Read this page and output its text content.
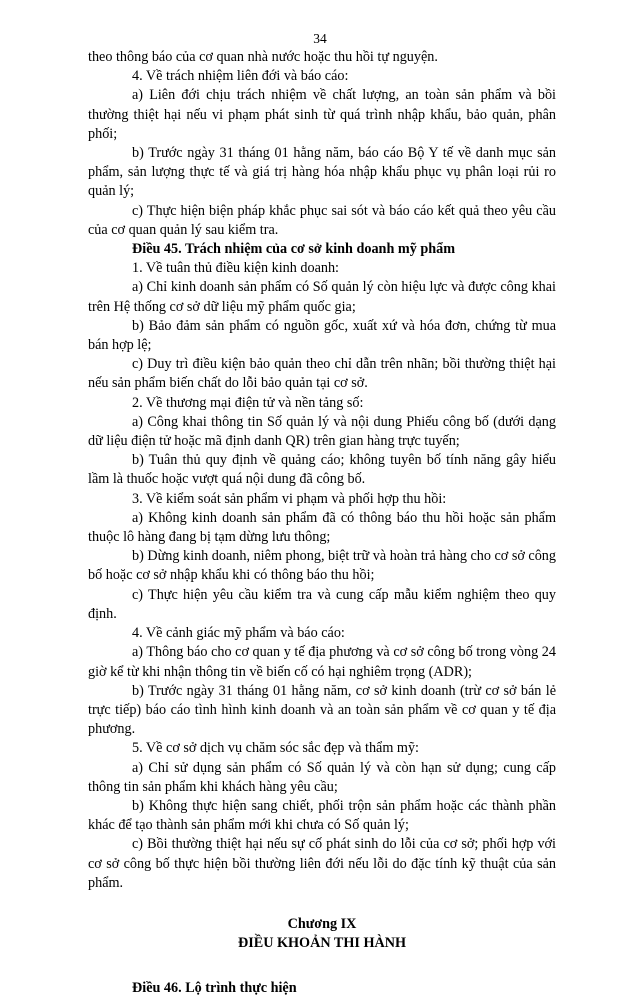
34

theo thông báo của cơ quan nhà nước hoặc thu hồi tự nguyện.

4. Về trách nhiệm liên đới và báo cáo:

a) Liên đới chịu trách nhiệm về chất lượng, an toàn sản phẩm và bồi thường thiệt hại nếu vi phạm phát sinh từ quá trình nhập khẩu, bảo quản, phân phối;

b) Trước ngày 31 tháng 01 hằng năm, báo cáo Bộ Y tế về danh mục sản phẩm, sản lượng thực tế và giá trị hàng hóa nhập khẩu phục vụ phân loại rủi ro quản lý;

c) Thực hiện biện pháp khắc phục sai sót và báo cáo kết quả theo yêu cầu của cơ quan quản lý sau kiểm tra.

Điều 45. Trách nhiệm của cơ sở kinh doanh mỹ phẩm

1. Về tuân thủ điều kiện kinh doanh:

a) Chỉ kinh doanh sản phẩm có Số quản lý còn hiệu lực và được công khai trên Hệ thống cơ sở dữ liệu mỹ phẩm quốc gia;

b) Bảo đảm sản phẩm có nguồn gốc, xuất xứ và hóa đơn, chứng từ mua bán hợp lệ;

c) Duy trì điều kiện bảo quản theo chỉ dẫn trên nhãn; bồi thường thiệt hại nếu sản phẩm biến chất do lỗi bảo quản tại cơ sở.

2. Về thương mại điện tử và nền tảng số:

a) Công khai thông tin Số quản lý và nội dung Phiếu công bố (dưới dạng dữ liệu điện tử hoặc mã định danh QR) trên gian hàng trực tuyến;

b) Tuân thủ quy định về quảng cáo; không tuyên bố tính năng gây hiểu lầm là thuốc hoặc vượt quá nội dung đã công bố.

3. Về kiểm soát sản phẩm vi phạm và phối hợp thu hồi:

a) Không kinh doanh sản phẩm đã có thông báo thu hồi hoặc sản phẩm thuộc lô hàng đang bị tạm dừng lưu thông;

b) Dừng kinh doanh, niêm phong, biệt trữ và hoàn trả hàng cho cơ sở công bố hoặc cơ sở nhập khẩu khi có thông báo thu hồi;

c) Thực hiện yêu cầu kiểm tra và cung cấp mẫu kiểm nghiệm theo quy định.

4. Về cảnh giác mỹ phẩm và báo cáo:

a) Thông báo cho cơ quan y tế địa phương và cơ sở công bố trong vòng 24 giờ kể từ khi nhận thông tin về biến cố có hại nghiêm trọng (ADR);

b) Trước ngày 31 tháng 01 hằng năm, cơ sở kinh doanh (trừ cơ sở bán lẻ trực tiếp) báo cáo tình hình kinh doanh và an toàn sản phẩm về cơ quan y tế địa phương.

5. Về cơ sở dịch vụ chăm sóc sắc đẹp và thẩm mỹ:

a) Chỉ sử dụng sản phẩm có Số quản lý và còn hạn sử dụng; cung cấp thông tin sản phẩm khi khách hàng yêu cầu;

b) Không thực hiện sang chiết, phối trộn sản phẩm hoặc các thành phần khác để tạo thành sản phẩm mới khi chưa có Số quản lý;

c) Bồi thường thiệt hại nếu sự cố phát sinh do lỗi của cơ sở; phối hợp với cơ sở công bố thực hiện bồi thường liên đới nếu lỗi do đặc tính kỹ thuật của sản phẩm.

Chương IX

ĐIỀU KHOẢN THI HÀNH

Điều 46. Lộ trình thực hiện
